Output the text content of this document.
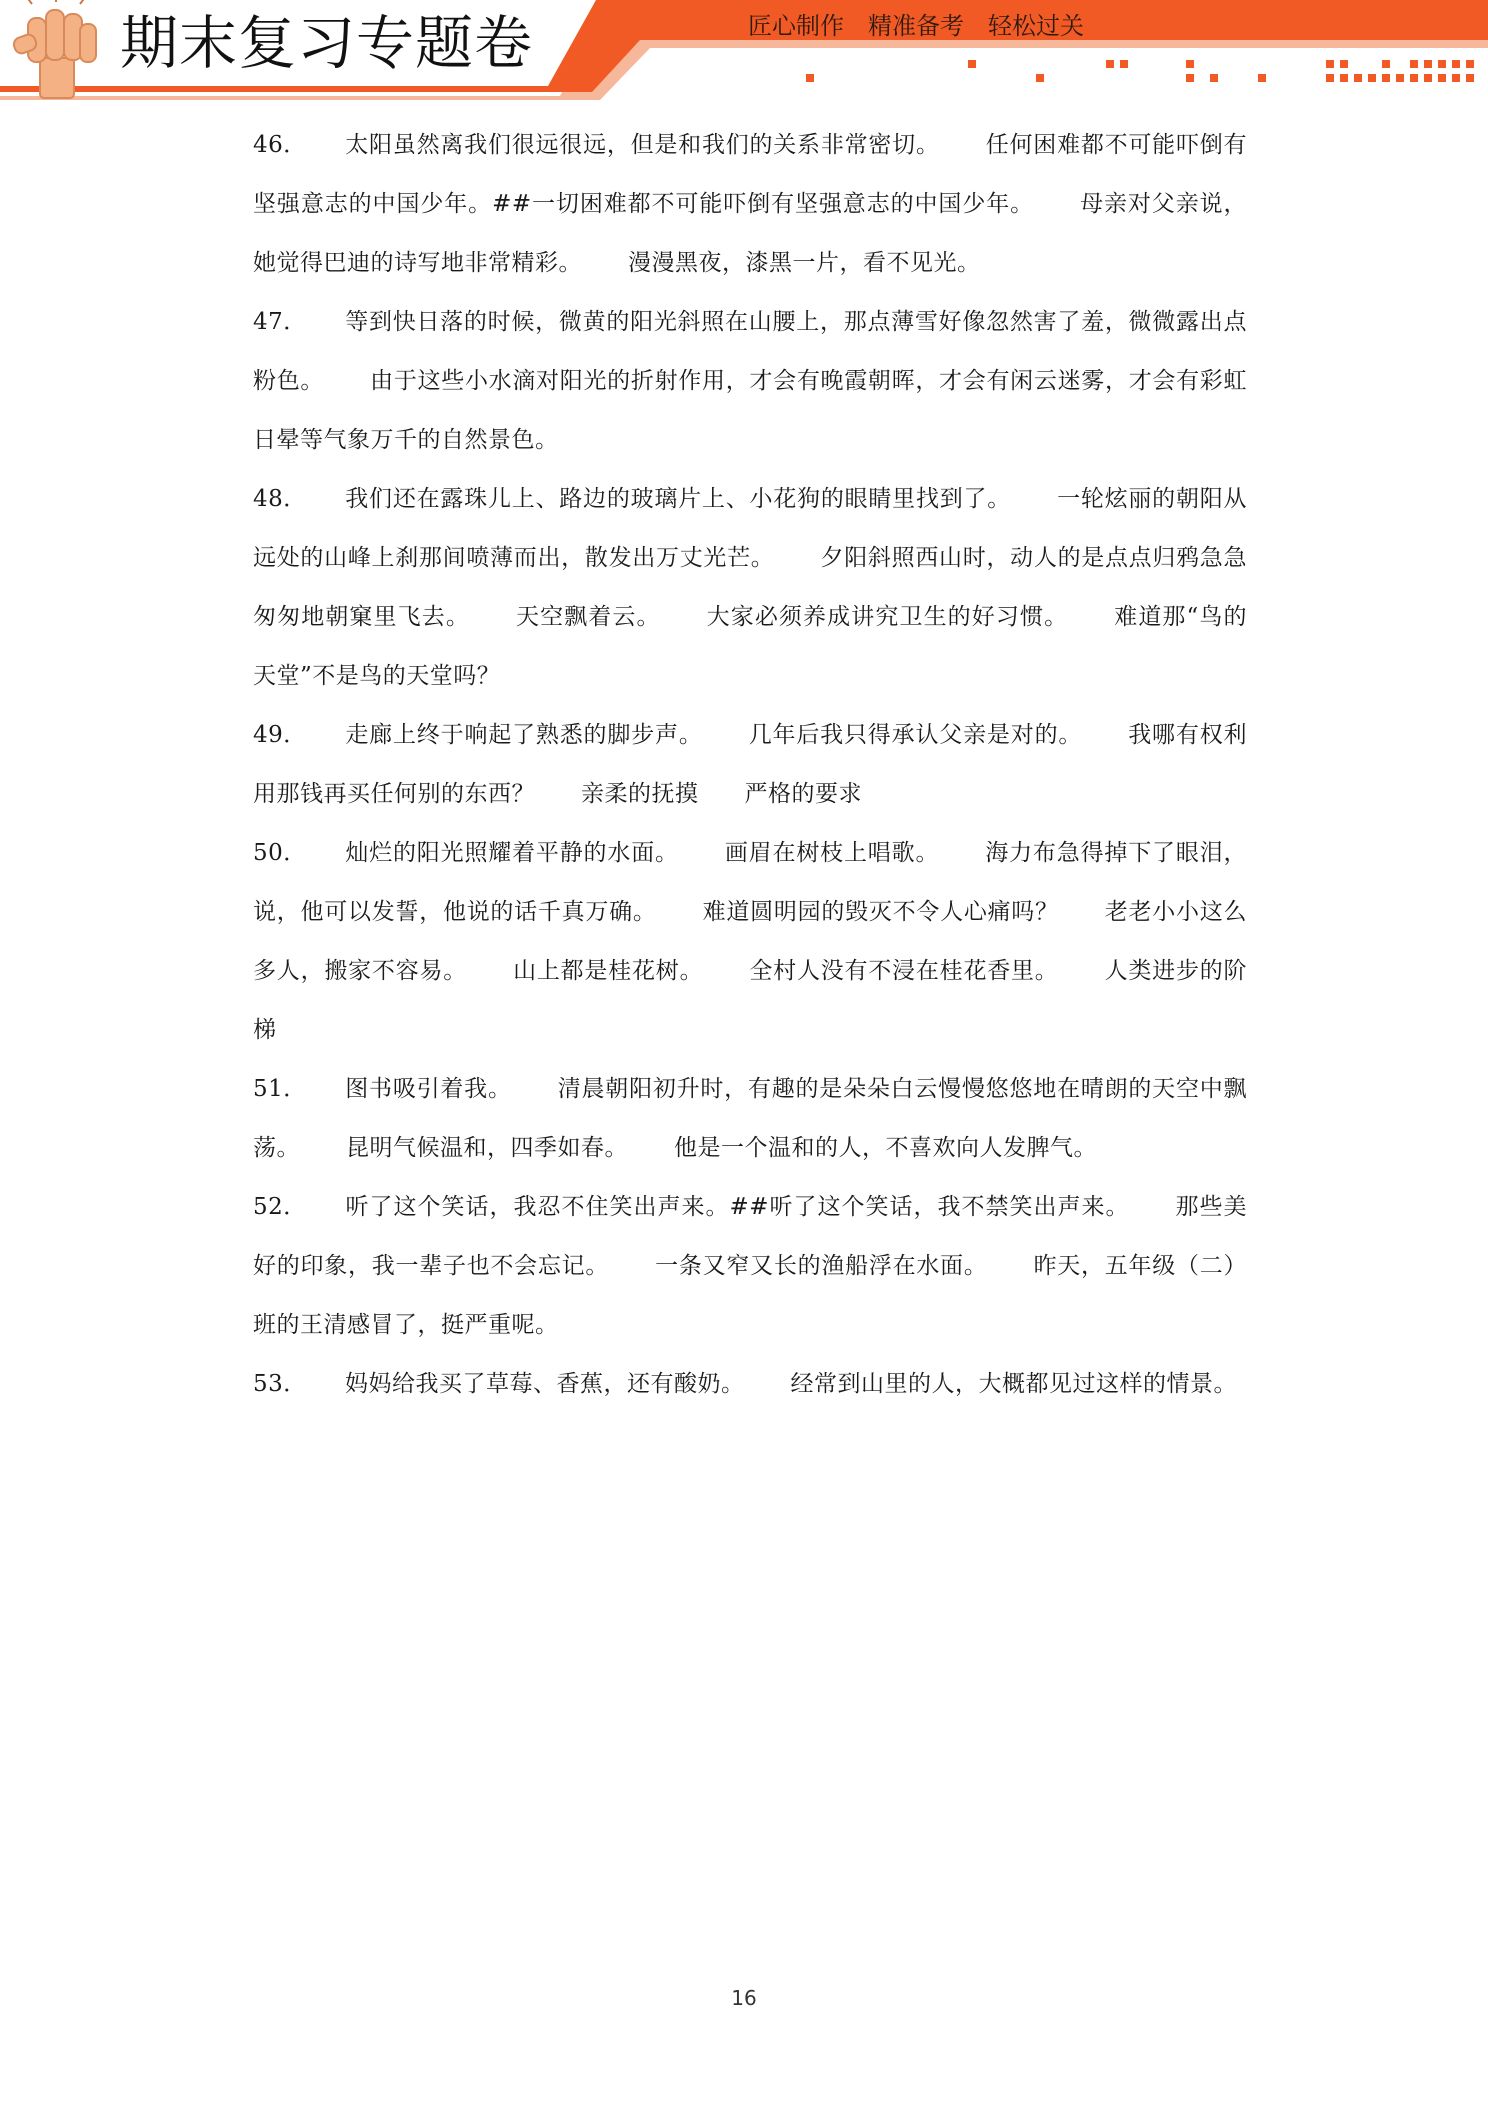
期末复习专题卷	匠心制作 精准备考 轻松过关

46． 太阳虽然离我们很远很远，但是和我们的关系非常密切。 任何困难都不可能吓倒有坚强意志的中国少年。##一切困难都不可能吓倒有坚强意志的中国少年。 母亲对父亲说，她觉得巴迪的诗写地非常精彩。 漫漫黑夜，漆黑一片，看不见光。

47． 等到快日落的时候，微黄的阳光斜照在山腰上，那点薄雪好像忽然害了羞，微微露出点粉色。 由于这些小水滴对阳光的折射作用，才会有晚霞朝晖，才会有闲云迷雾，才会有彩虹日晕等气象万千的自然景色。

48． 我们还在露珠儿上、路边的玻璃片上、小花狗的眼睛里找到了。 一轮炫丽的朝阳从远处的山峰上刹那间喷薄而出，散发出万丈光芒。 夕阳斜照西山时，动人的是点点归鸦急急匆匆地朝窠里飞去。 天空飘着云。 大家必须养成讲究卫生的好习惯。 难道那“鸟的天堂”不是鸟的天堂吗？

49． 走廊上终于响起了熟悉的脚步声。 几年后我只得承认父亲是对的。 我哪有权利用那钱再买任何别的东西？ 亲柔的抚摸 严格的要求

50． 灿烂的阳光照耀着平静的水面。 画眉在树枝上唱歌。 海力布急得掉下了眼泪，说，他可以发誓，他说的话千真万确。 难道圆明园的毁灭不令人心痛吗？ 老老小小这么多人，搬家不容易。 山上都是桂花树。 全村人没有不浸在桂花香里。 人类进步的阶梯

51． 图书吸引着我。 清晨朝阳初升时，有趣的是朵朵白云慢慢悠悠地在晴朗的天空中飘荡。 昆明气候温和，四季如春。 他是一个温和的人，不喜欢向人发脾气。

52． 听了这个笑话，我忍不住笑出声来。##听了这个笑话，我不禁笑出声来。 那些美好的印象，我一辈子也不会忘记。 一条又窄又长的渔船浮在水面。 昨天，五年级（二）班的王清感冒了，挺严重呢。

53． 妈妈给我买了草莓、香蕉，还有酸奶。 经常到山里的人，大概都见过这样的情景。

16
